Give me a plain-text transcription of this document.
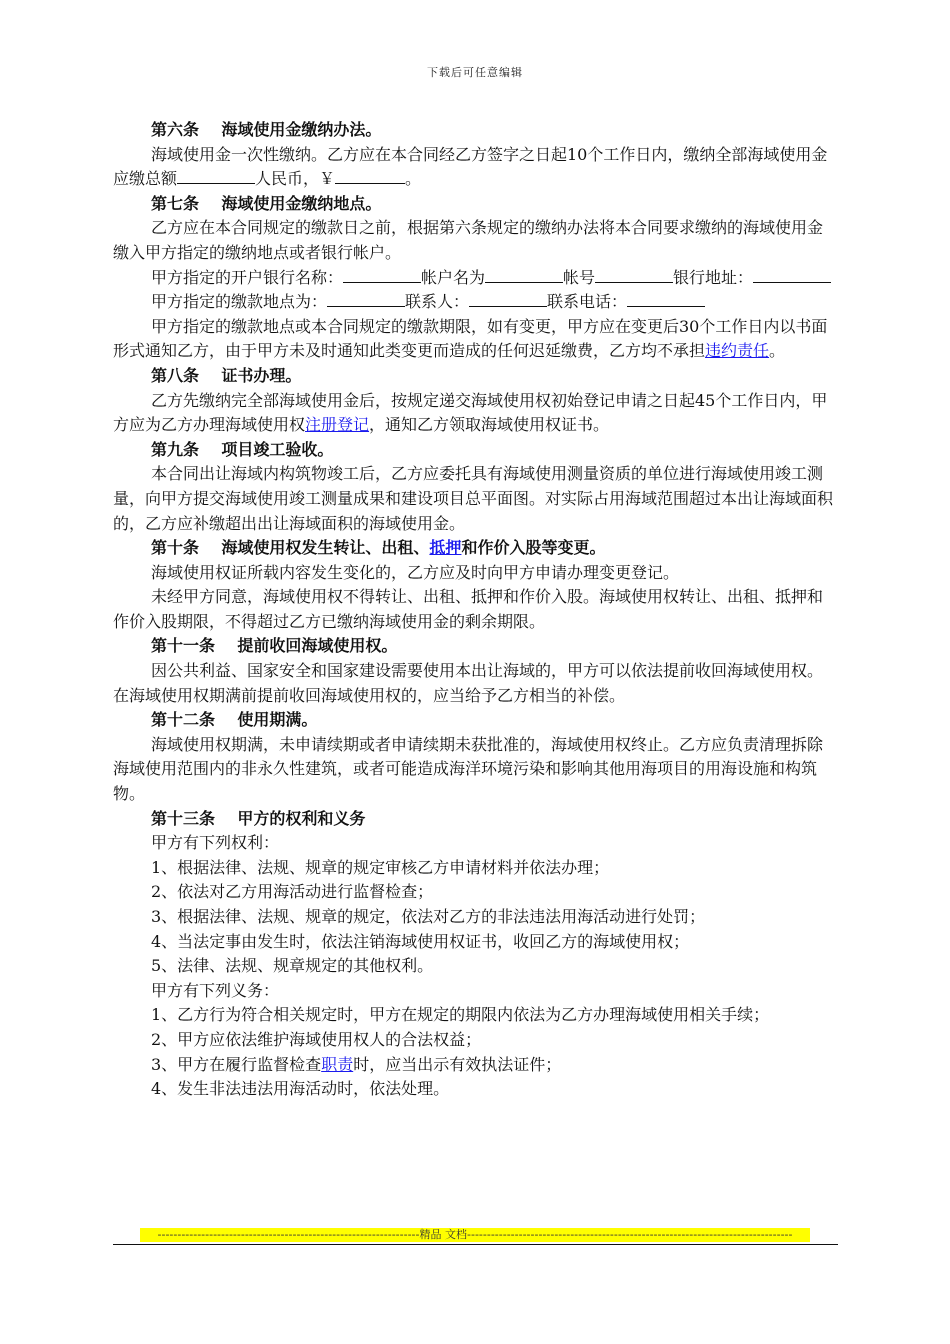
下载后可任意编辑

第六条 海域使用金缴纳办法。

海域使用金一次性缴纳。乙方应在本合同经乙方签字之日起10个工作日内，缴纳全部海域使用金应缴总额	人民币，￥	。

第七条 海域使用金缴纳地点。

乙方应在本合同规定的缴款日之前，根据第六条规定的缴纳办法将本合同要求缴纳的海域使用金缴入甲方指定的缴纳地点或者银行帐户。

甲方指定的开户银行名称：	帐户名为	帐号	银行地址：

甲方指定的缴款地点为：	联系人：	联系电话：

甲方指定的缴款地点或本合同规定的缴款期限，如有变更，甲方应在变更后30个工作日内以书面形式通知乙方，由于甲方未及时通知此类变更而造成的任何迟延缴费，乙方均不承担违约责任。

第八条 证书办理。

乙方先缴纳完全部海域使用金后，按规定递交海域使用权初始登记申请之日起45个工作日内，甲方应为乙方办理海域使用权注册登记，通知乙方领取海域使用权证书。

第九条 项目竣工验收。

本合同出让海域内构筑物竣工后，乙方应委托具有海域使用测量资质的单位进行海域使用竣工测量，向甲方提交海域使用竣工测量成果和建设项目总平面图。对实际占用海域范围超过本出让海域面积的，乙方应补缴超出出让海域面积的海域使用金。

第十条 海域使用权发生转让、出租、抵押和作价入股等变更。

海域使用权证所载内容发生变化的，乙方应及时向甲方申请办理变更登记。

未经甲方同意，海域使用权不得转让、出租、抵押和作价入股。海域使用权转让、出租、抵押和作价入股期限，不得超过乙方已缴纳海域使用金的剩余期限。

第十一条 提前收回海域使用权。

因公共利益、国家安全和国家建设需要使用本出让海域的，甲方可以依法提前收回海域使用权。在海域使用权期满前提前收回海域使用权的，应当给予乙方相当的补偿。

第十二条 使用期满。

海域使用权期满，未申请续期或者申请续期未获批准的，海域使用权终止。乙方应负责清理拆除海域使用范围内的非永久性建筑，或者可能造成海洋环境污染和影响其他用海项目的用海设施和构筑物。

第十三条 甲方的权利和义务

甲方有下列权利：

1、根据法律、法规、规章的规定审核乙方申请材料并依法办理；

2、依法对乙方用海活动进行监督检查；

3、根据法律、法规、规章的规定，依法对乙方的非法违法用海活动进行处罚；

4、当法定事由发生时，依法注销海域使用权证书，收回乙方的海域使用权；

5、法律、法规、规章规定的其他权利。

甲方有下列义务：

1、乙方行为符合相关规定时，甲方在规定的期限内依法为乙方办理海域使用相关手续；

2、甲方应依法维护海域使用权人的合法权益；

3、甲方在履行监督检查职责时，应当出示有效执法证件；

4、发生非法违法用海活动时，依法处理。

------------------------------------------------------------------精品 文档----------------------------------------------------------------------------------
